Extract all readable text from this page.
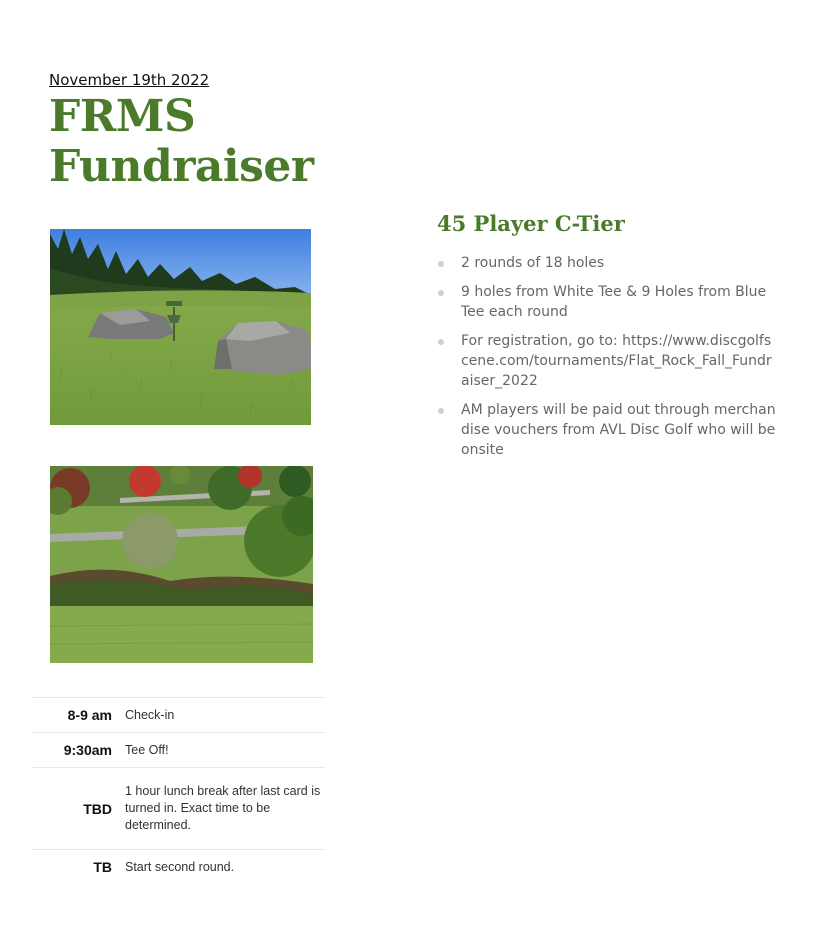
November 19th 2022
FRMS
Fundraiser
8-9 am	Check-in
9:30am	Tee Off!
TBD	1 hour lunch break after last card is turned in. Exact time to be determined.
TB	Start second round.
45 Player C-Tier
2 rounds of 18 holes
9 holes from White Tee & 9 Holes from Blue Tee each round
For registration, go to: https://www.discgolfscene.com/tournaments/Flat_Rock_Fall_Fundraiser_2022
AM players will be paid out through merchandise vouchers from AVL Disc Golf who will be onsite
